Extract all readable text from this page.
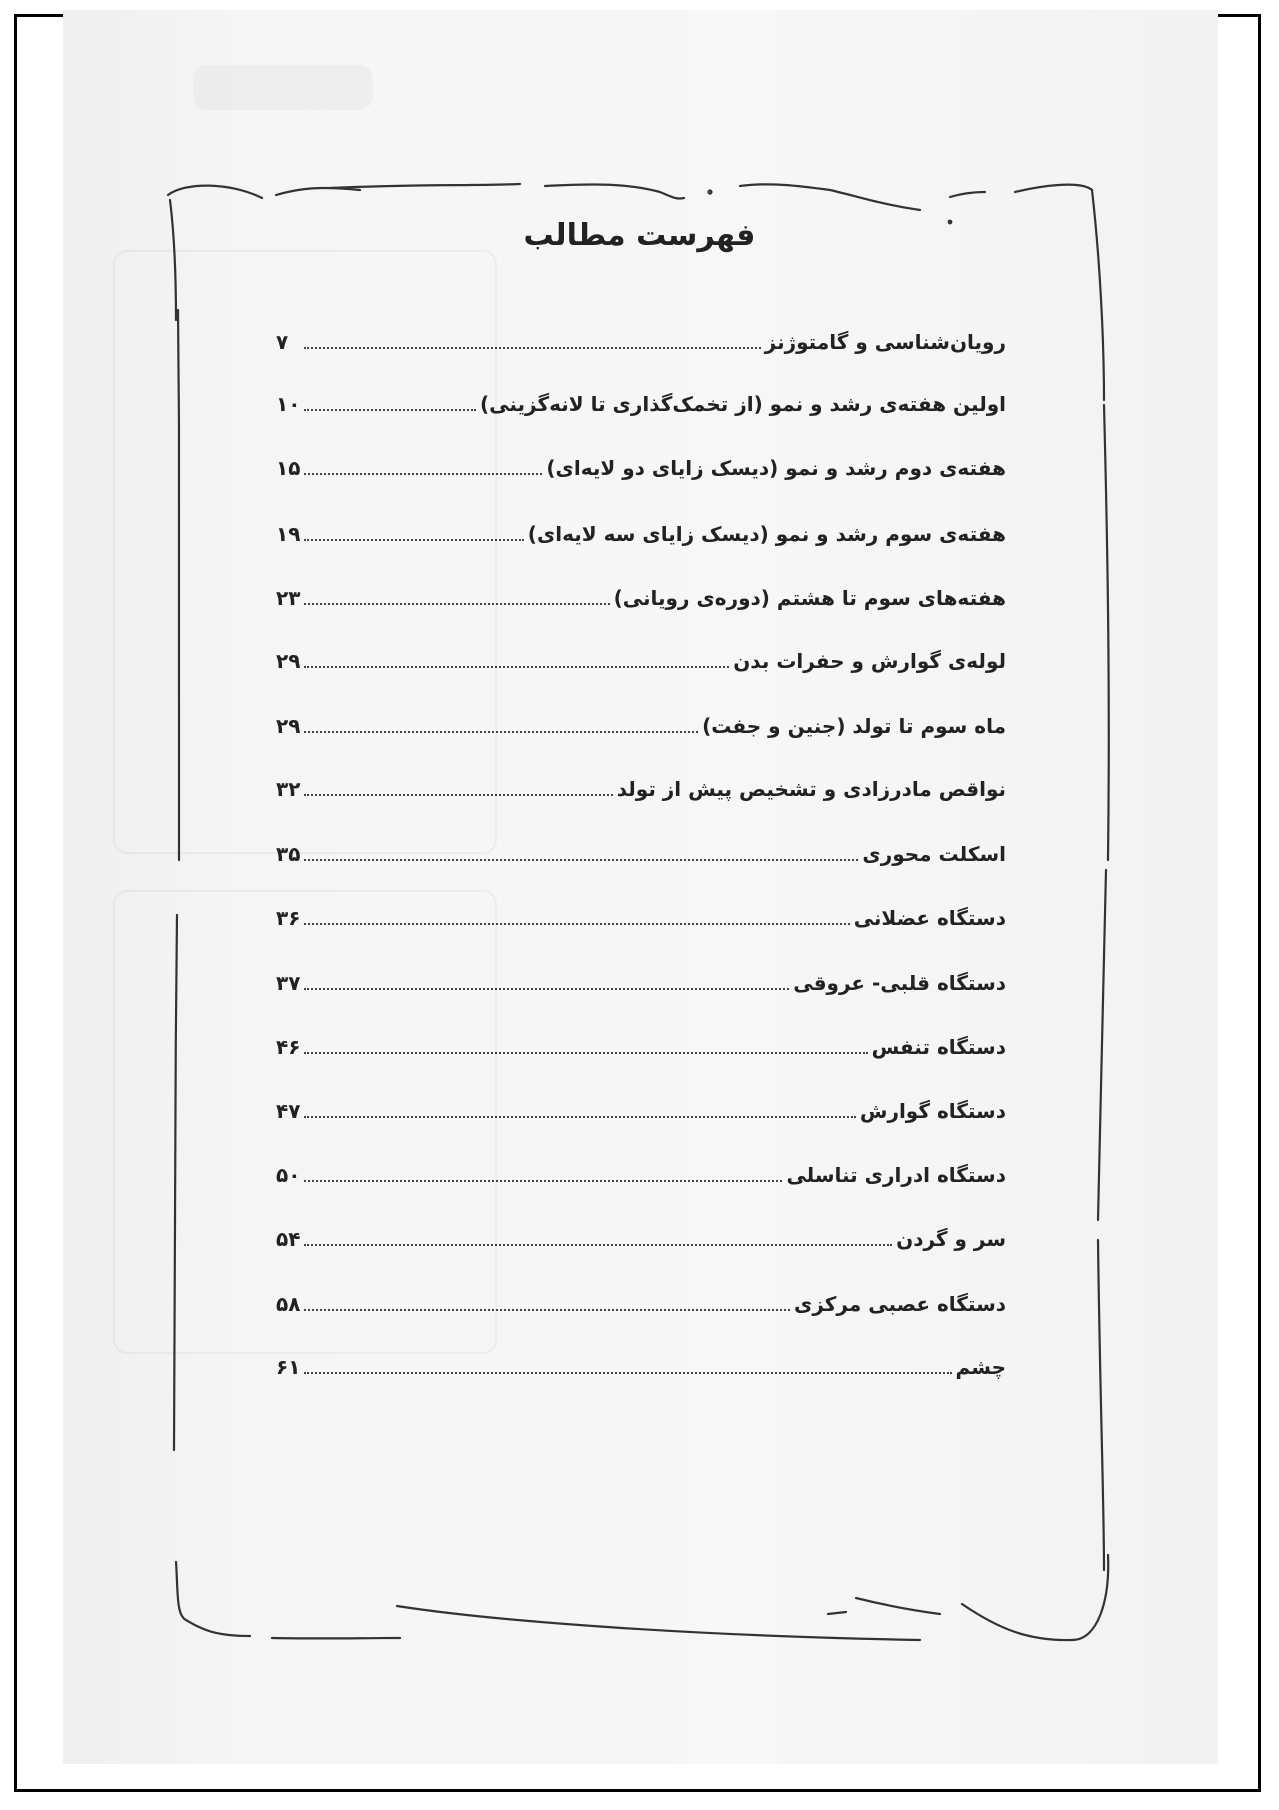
فهرست مطالب
رویان‌شناسی و گامتوژنز
۷
اولین هفته‌ی رشد و نمو (از تخمک‌گذاری تا لانه‌گزینی)
۱۰
هفته‌ی دوم رشد و نمو (دیسک زایای دو لایه‌ای)
۱۵
هفته‌ی سوم رشد و نمو (دیسک زایای سه لایه‌ای)
۱۹
هفته‌های سوم تا هشتم (دوره‌ی رویانی)
۲۳
لوله‌ی گوارش و حفرات بدن
۲۹
ماه سوم تا تولد (جنین و جفت)
۲۹
نواقص مادرزادی و تشخیص پیش از تولد
۳۲
اسکلت محوری
۳۵
دستگاه عضلانی
۳۶
دستگاه قلبی- عروقی
۳۷
دستگاه تنفس
۴۶
دستگاه گوارش
۴۷
دستگاه ادراری تناسلی
۵۰
سر و گردن
۵۴
دستگاه عصبی مرکزی
۵۸
چشم
۶۱
